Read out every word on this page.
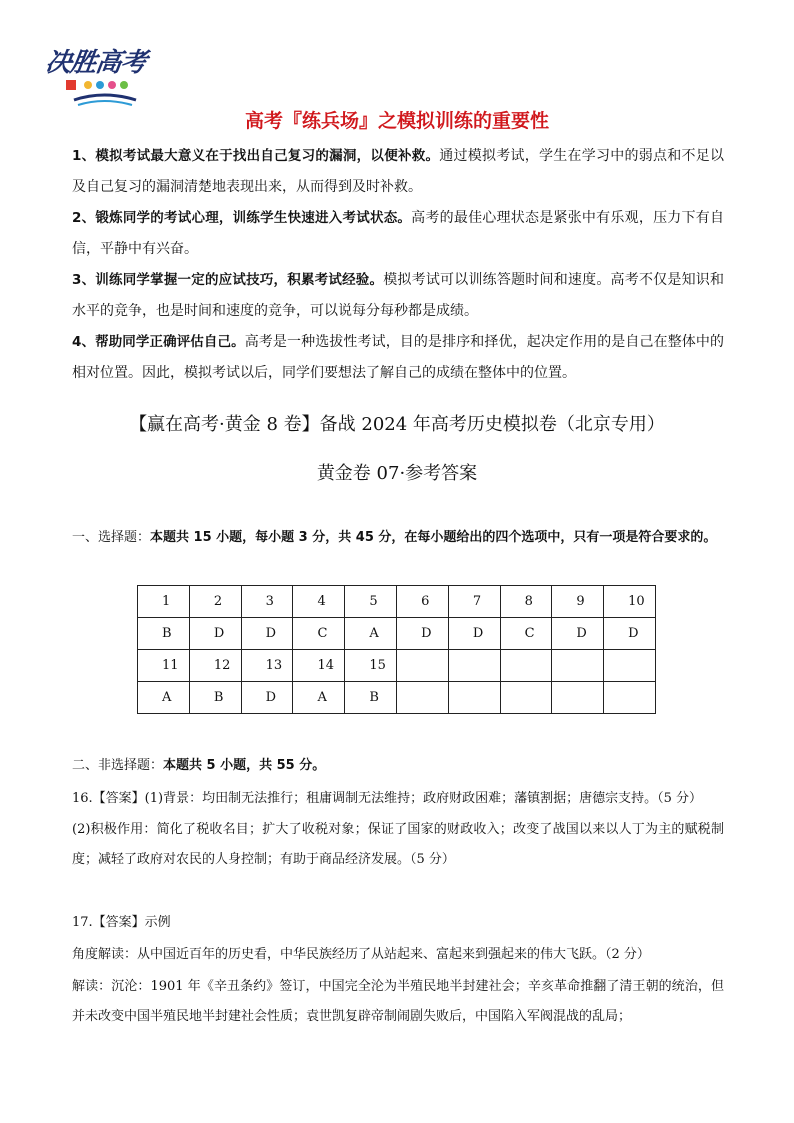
决胜高考
高考『练兵场』之模拟训练的重要性

1、模拟考试最大意义在于找出自己复习的漏洞，以便补救。通过模拟考试，学生在学习中的弱点和不足以及自己复习的漏洞清楚地表现出来，从而得到及时补救。

2、锻炼同学的考试心理，训练学生快速进入考试状态。高考的最佳心理状态是紧张中有乐观，压力下有自信，平静中有兴奋。

3、训练同学掌握一定的应试技巧，积累考试经验。模拟考试可以训练答题时间和速度。高考不仅是知识和水平的竞争，也是时间和速度的竞争，可以说每分每秒都是成绩。

4、帮助同学正确评估自己。高考是一种选拔性考试，目的是排序和择优，起决定作用的是自己在整体中的相对位置。因此，模拟考试以后，同学们要想法了解自己的成绩在整体中的位置。

【赢在高考·黄金 8 卷】备战 2024 年高考历史模拟卷（北京专用）
黄金卷 07·参考答案

一、选择题：本题共 15 小题，每小题 3 分，共 45 分，在每小题给出的四个选项中，只有一项是符合要求的。

1	2	3	4	5	6	7	8	9	10
B	D	D	C	A	D	D	C	D	D
11	12	13	14	15					
A	B	D	A	B					

二、非选择题：本题共 5 小题，共 55 分。

16.【答案】(1)背景：均田制无法推行；租庸调制无法维持；政府财政困难；藩镇割据；唐德宗支持。（5 分）

(2)积极作用：简化了税收名目；扩大了收税对象；保证了国家的财政收入；改变了战国以来以人丁为主的赋税制度；减轻了政府对农民的人身控制；有助于商品经济发展。（5 分）

17.【答案】示例

角度解读：从中国近百年的历史看，中华民族经历了从站起来、富起来到强起来的伟大飞跃。（2 分）

解读：沉沦：1901 年《辛丑条约》签订，中国完全沦为半殖民地半封建社会；辛亥革命推翻了清王朝的统治，但并未改变中国半殖民地半封建社会性质；袁世凯复辟帝制闹剧失败后，中国陷入军阀混战的乱局；
